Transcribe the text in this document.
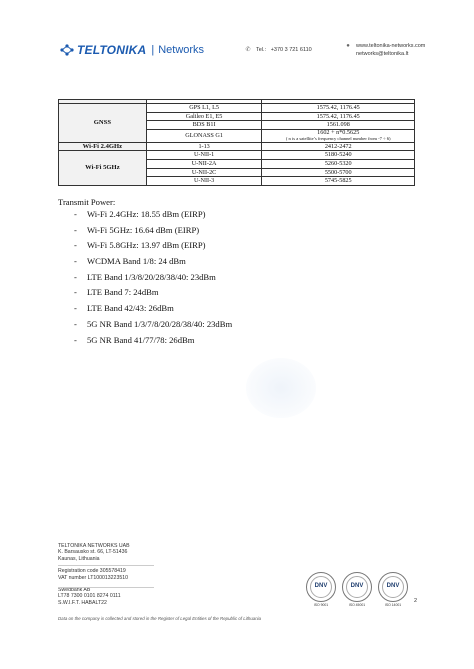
TELTONIKA | Networks	✆ Tel.:
+370 3 721 6110
●	www.teltonika-networks.com
networks@teltonika.lt

GNSS	GPS L1, L5	1575.42, 1176.45
	Galileo E1, E5	1575.42, 1176.45
	BDS B1I	1561.098
	GLONASS G1	1602 + n*0.5625
( n is a satellite’s frequency channel number from -7 ÷ 6)

Wi-Fi 2.4GHz	1-13	2412-2472
Wi-Fi 5GHz	U-NII-1	5180-5240
	U-NII-2A	5260-5320
	U-NII-2C	5500-5700
	U-NII-3	5745-5825
Transmit Power:
-	Wi-Fi 2.4GHz: 18.55 dBm (EIRP)
-	Wi-Fi 5GHz: 16.64 dBm (EIRP)
-	Wi-Fi 5.8GHz: 13.97 dBm (EIRP)
-	WCDMA Band 1/8: 24 dBm
-	LTE Band 1/3/8/20/28/38/40: 23dBm
-	LTE Band 7: 24dBm
-	LTE Band 42/43: 26dBm
-	5G NR Band 1/3/7/8/20/28/38/40: 23dBm
-	5G NR Band 41/77/78: 26dBm
TELTONIKA NETWORKS UAB
K. Barsausko st. 66, LT-51436
Kaunas, Lithuania
Registration code 305578419
VAT number LT100013223510
Swedbank AB
LT78 7300 0101 8274 0111
S.W.I.F.T. HABALT22
Data on the company is collected and stored in the Register of Legal Entities of the Republic of Lithuania
DNV
ISO 9001
DNV
ISO 45001
DNV
ISO 14001
2
